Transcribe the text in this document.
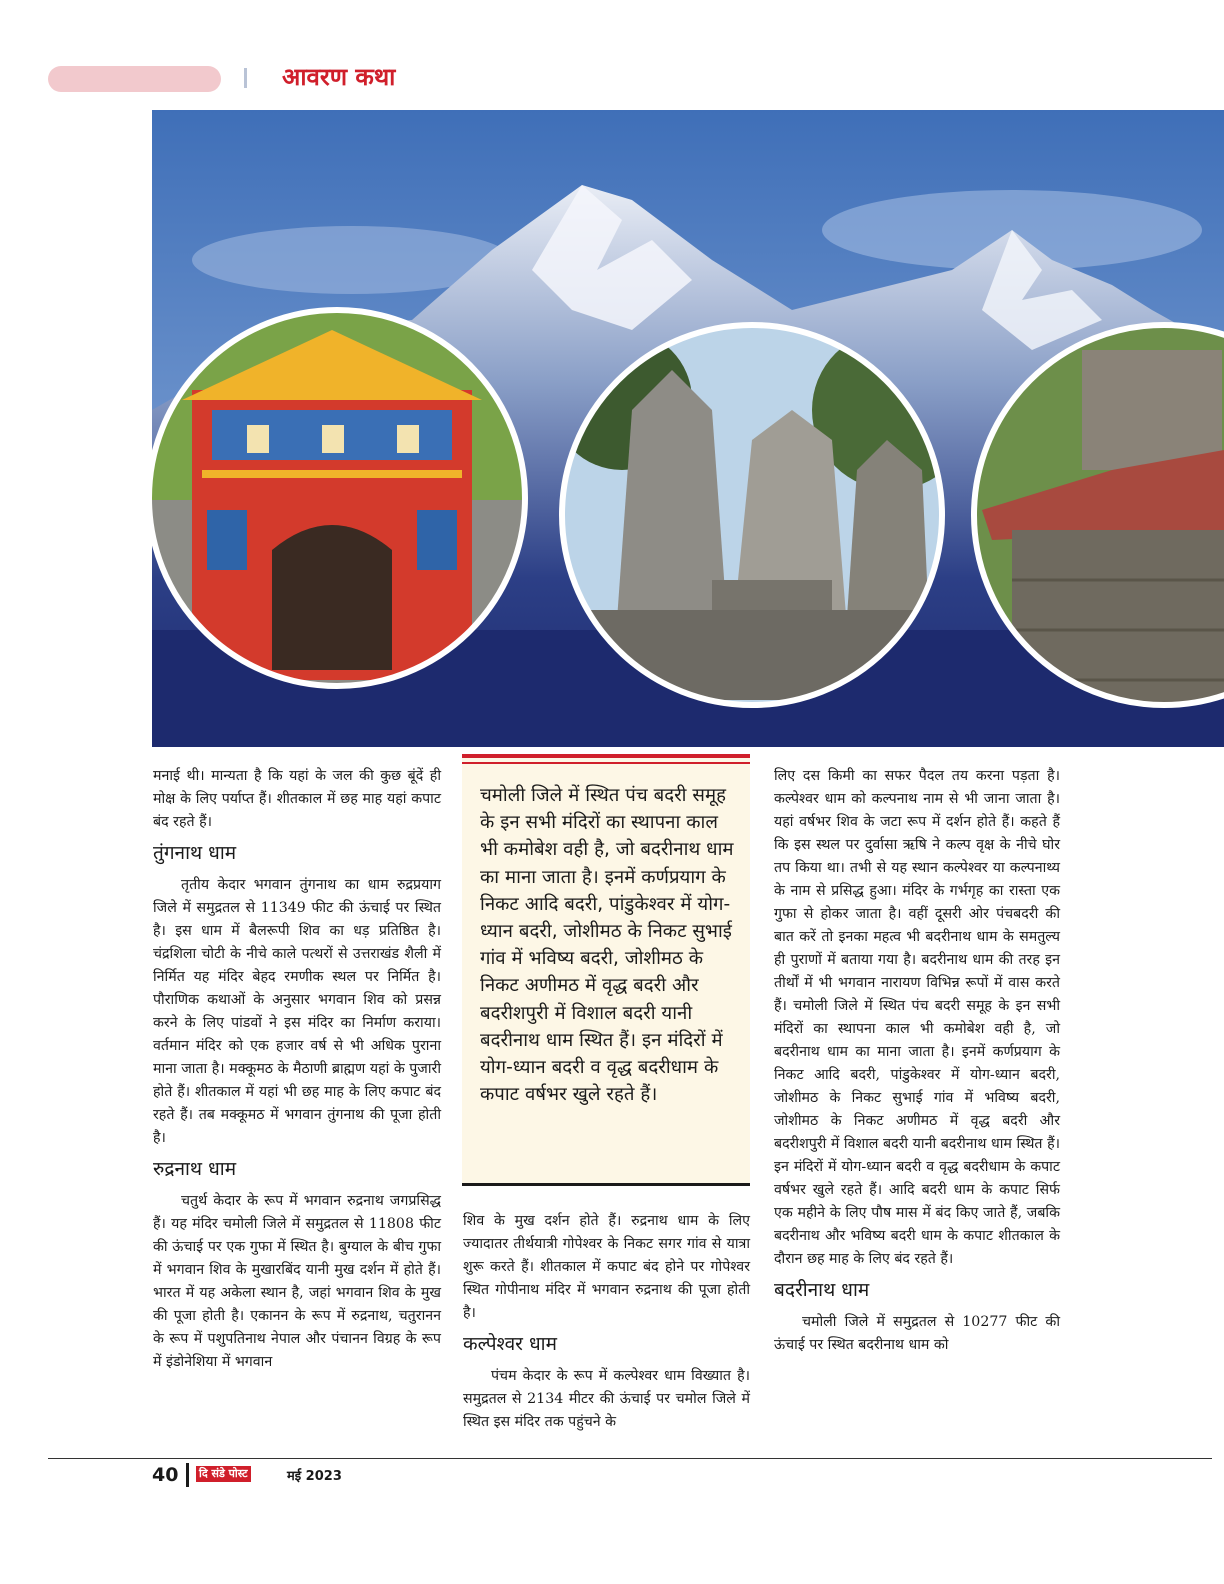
आवरण कथा

मनाई थी। मान्यता है कि यहां के जल की कुछ बूंदें ही मोक्ष के लिए पर्याप्त हैं। शीतकाल में छह माह यहां कपाट बंद रहते हैं।

तुंगनाथ धाम

तृतीय केदार भगवान तुंगनाथ का धाम रुद्रप्रयाग जिले में समुद्रतल से 11349 फीट की ऊंचाई पर स्थित है। इस धाम में बैलरूपी शिव का धड़ प्रतिष्ठित है। चंद्रशिला चोटी के नीचे काले पत्थरों से उत्तराखंड शैली में निर्मित यह मंदिर बेहद रमणीक स्थल पर निर्मित है। पौराणिक कथाओं के अनुसार भगवान शिव को प्रसन्न करने के लिए पांडवों ने इस मंदिर का निर्माण कराया। वर्तमान मंदिर को एक हजार वर्ष से भी अधिक पुराना माना जाता है। मक्कूमठ के मैठाणी ब्राह्मण यहां के पुजारी होते हैं। शीतकाल में यहां भी छह माह के लिए कपाट बंद रहते हैं। तब मक्कूमठ में भगवान तुंगनाथ की पूजा होती है।

रुद्रनाथ धाम

चतुर्थ केदार के रूप में भगवान रुद्रनाथ जगप्रसिद्ध हैं। यह मंदिर चमोली जिले में समुद्रतल से 11808 फीट की ऊंचाई पर एक गुफा में स्थित है। बुग्याल के बीच गुफा में भगवान शिव के मुखारबिंद यानी मुख दर्शन में होते हैं। भारत में यह अकेला स्थान है, जहां भगवान शिव के मुख की पूजा होती है। एकानन के रूप में रुद्रनाथ, चतुरानन के रूप में पशुपतिनाथ नेपाल और पंचानन विग्रह के रूप में इंडोनेशिया में भगवान

चमोली जिले में स्थित पंच बदरी समूह के इन सभी मंदिरों का स्थापना काल भी कमोबेश वही है, जो बदरीनाथ धाम का माना जाता है। इनमें कर्णप्रयाग के निकट आदि बदरी, पांडुकेश्वर में योग-ध्यान बदरी, जोशीमठ के निकट सुभाई गांव में भविष्य बदरी, जोशीमठ के निकट अणीमठ में वृद्ध बदरी और बदरीशपुरी में विशाल बदरी यानी बदरीनाथ धाम स्थित हैं। इन मंदिरों में योग-ध्यान बदरी व वृद्ध बदरीधाम के कपाट वर्षभर खुले रहते हैं।

शिव के मुख दर्शन होते हैं। रुद्रनाथ धाम के लिए ज्यादातर तीर्थयात्री गोपेश्वर के निकट सगर गांव से यात्रा शुरू करते हैं। शीतकाल में कपाट बंद होने पर गोपेश्वर स्थित गोपीनाथ मंदिर में भगवान रुद्रनाथ की पूजा होती है।

कल्पेश्वर धाम

पंचम केदार के रूप में कल्पेश्वर धाम विख्यात है। समुद्रतल से 2134 मीटर की ऊंचाई पर चमोल जिले में स्थित इस मंदिर तक पहुंचने के

लिए दस किमी का सफर पैदल तय करना पड़ता है। कल्पेश्वर धाम को कल्पनाथ नाम से भी जाना जाता है। यहां वर्षभर शिव के जटा रूप में दर्शन होते हैं। कहते हैं कि इस स्थल पर दुर्वासा ऋषि ने कल्प वृक्ष के नीचे घोर तप किया था। तभी से यह स्थान कल्पेश्वर या कल्पनाथ्य के नाम से प्रसिद्ध हुआ। मंदिर के गर्भगृह का रास्ता एक गुफा से होकर जाता है। वहीं दूसरी ओर पंचबदरी की बात करें तो इनका महत्व भी बदरीनाथ धाम के समतुल्य ही पुराणों में बताया गया है। बदरीनाथ धाम की तरह इन तीर्थों में भी भगवान नारायण विभिन्न रूपों में वास करते हैं। चमोली जिले में स्थित पंच बदरी समूह के इन सभी मंदिरों का स्थापना काल भी कमोबेश वही है, जो बदरीनाथ धाम का माना जाता है। इनमें कर्णप्रयाग के निकट आदि बदरी, पांडुकेश्वर में योग-ध्यान बदरी, जोशीमठ के निकट सुभाई गांव में भविष्य बदरी, जोशीमठ के निकट अणीमठ में वृद्ध बदरी और बदरीशपुरी में विशाल बदरी यानी बदरीनाथ धाम स्थित हैं। इन मंदिरों में योग-ध्यान बदरी व वृद्ध बदरीधाम के कपाट वर्षभर खुले रहते हैं। आदि बदरी धाम के कपाट सिर्फ एक महीने के लिए पौष मास में बंद किए जाते हैं, जबकि बदरीनाथ और भविष्य बदरी धाम के कपाट शीतकाल के दौरान छह माह के लिए बंद रहते हैं।

बदरीनाथ धाम

चमोली जिले में समुद्रतल से 10277 फीट की ऊंचाई पर स्थित बदरीनाथ धाम को

40 दि संडे पोस्ट	मई 2023
